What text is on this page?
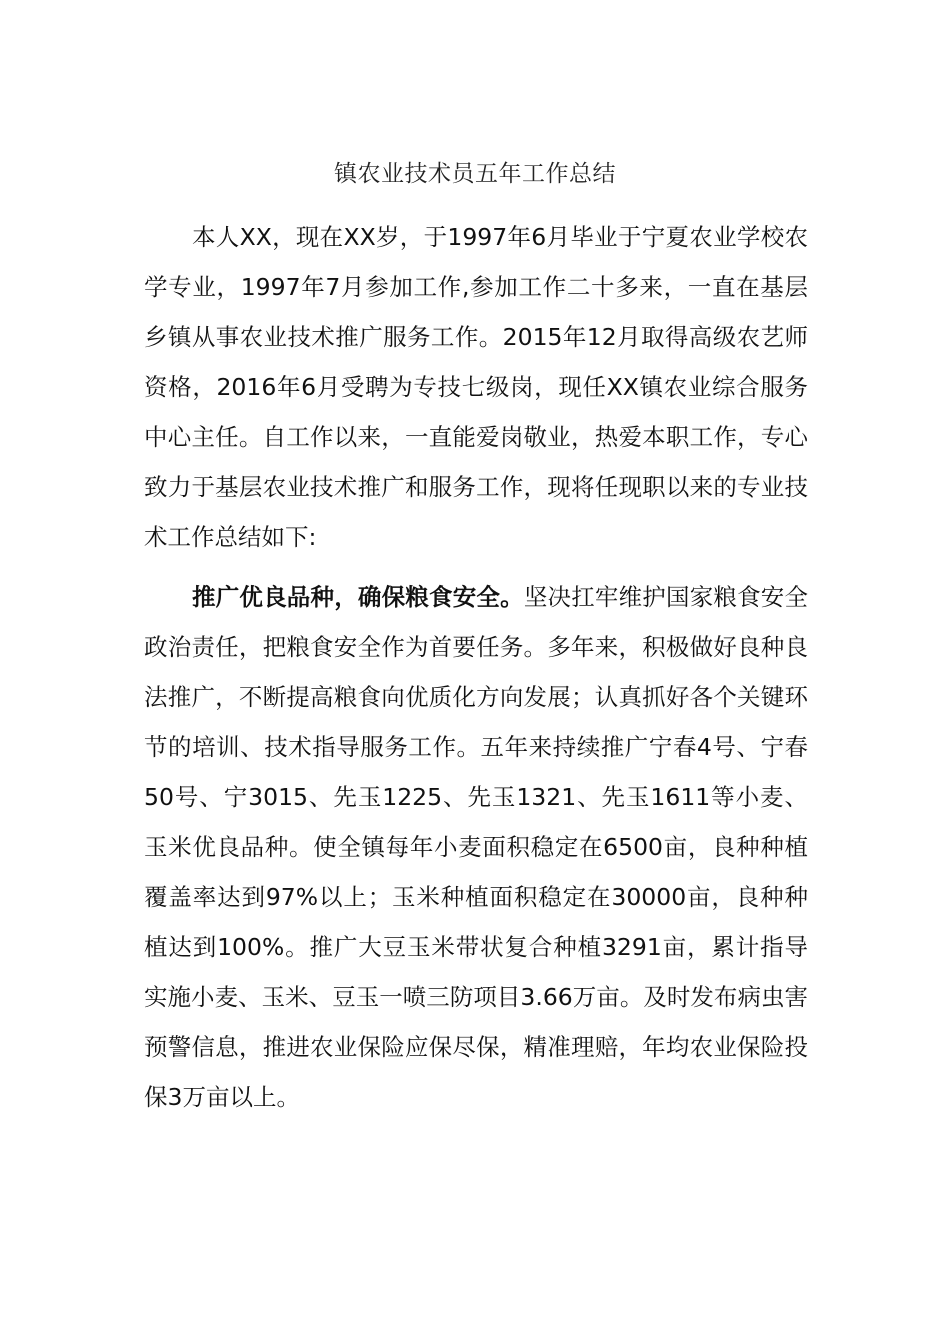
镇农业技术员五年工作总结

本人XX，现在XX岁，于1997年6月毕业于宁夏农业学校农学专业，1997年7月参加工作,参加工作二十多来，一直在基层乡镇从事农业技术推广服务工作。2015年12月取得高级农艺师资格，2016年6月受聘为专技七级岗，现任XX镇农业综合服务中心主任。自工作以来，一直能爱岗敬业，热爱本职工作，专心致力于基层农业技术推广和服务工作，现将任现职以来的专业技术工作总结如下:

推广优良品种，确保粮食安全。坚决扛牢维护国家粮食安全政治责任，把粮食安全作为首要任务。多年来，积极做好良种良法推广，不断提高粮食向优质化方向发展；认真抓好各个关键环节的培训、技术指导服务工作。五年来持续推广宁春4号、宁春50号、宁3015、先玉1225、先玉1321、先玉1611等小麦、玉米优良品种。使全镇每年小麦面积稳定在6500亩，良种种植覆盖率达到97%以上；玉米种植面积稳定在30000亩，良种种植达到100%。推广大豆玉米带状复合种植3291亩，累计指导实施小麦、玉米、豆玉一喷三防项目3.66万亩。及时发布病虫害预警信息，推进农业保险应保尽保，精准理赔，年均农业保险投保3万亩以上。
